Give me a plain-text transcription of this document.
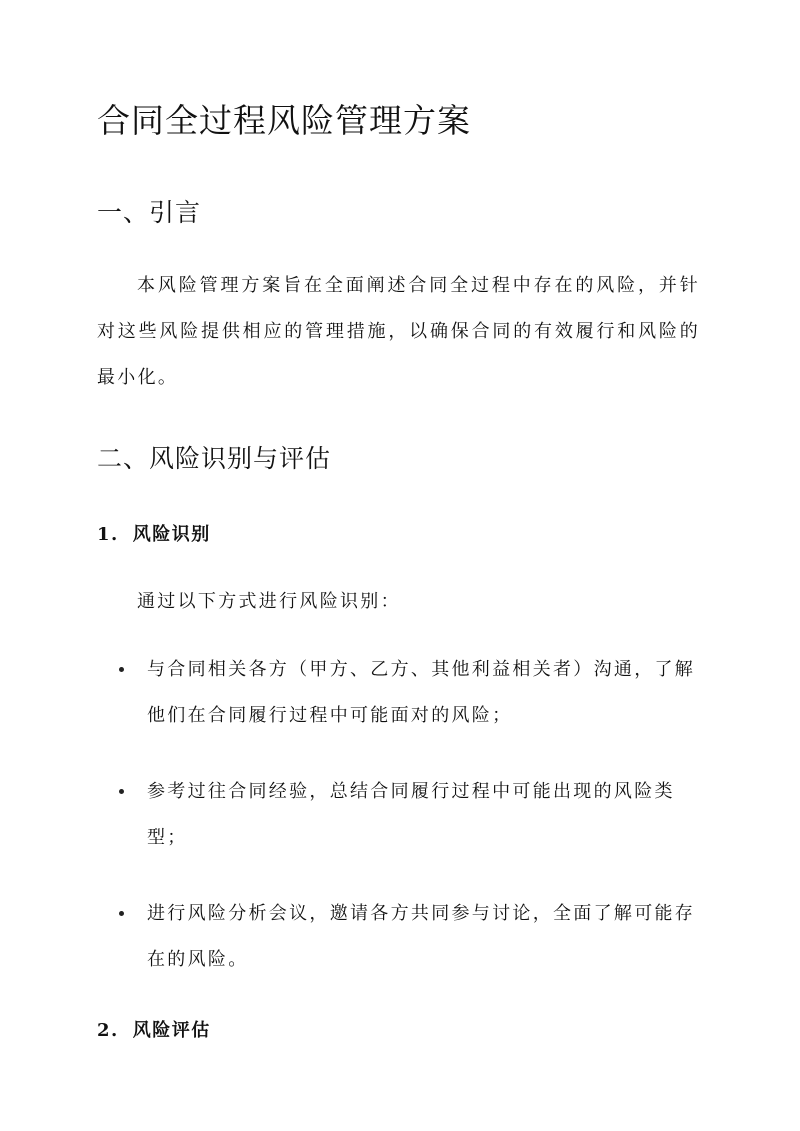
合同全过程风险管理方案
一、引言

本风险管理方案旨在全面阐述合同全过程中存在的风险，并针对这些风险提供相应的管理措施，以确保合同的有效履行和风险的最小化。

二、风险识别与评估
1. 风险识别

通过以下方式进行风险识别：

与合同相关各方（甲方、乙方、其他利益相关者）沟通，了解他们在合同履行过程中可能面对的风险；
参考过往合同经验，总结合同履行过程中可能出现的风险类型；
进行风险分析会议，邀请各方共同参与讨论，全面了解可能存在的风险。
2. 风险评估
